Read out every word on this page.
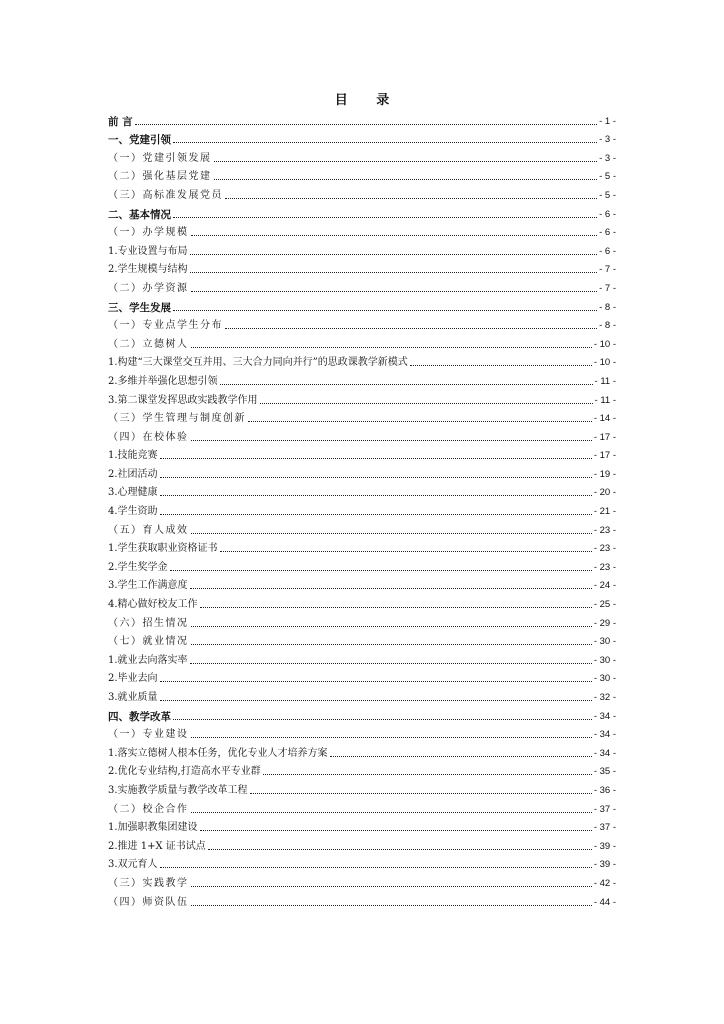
目 录
前 言	- 1 -
一、党建引领	- 3 -
（一）党建引领发展	- 3 -
（二）强化基层党建	- 5 -
（三）高标准发展党员	- 5 -
二、基本情况	- 6 -
（一）办学规模	- 6 -
1.专业设置与布局	- 6 -
2.学生规模与结构	- 7 -
（二）办学资源	- 7 -
三、学生发展	- 8 -
（一）专业点学生分布	- 8 -
（二）立德树人	- 10 -
1.构建“三大课堂交互并用、三大合力同向并行”的思政课教学新模式	- 10 -
2.多维并举强化思想引领	- 11 -
3.第二课堂发挥思政实践教学作用	- 11 -
（三）学生管理与制度创新	- 14 -
（四）在校体验	- 17 -
1.技能竞赛	- 17 -
2.社团活动	- 19 -
3.心理健康	- 20 -
4.学生资助	- 21 -
（五）育人成效	- 23 -
1.学生获取职业资格证书	- 23 -
2.学生奖学金	- 23 -
3.学生工作满意度	- 24 -
4.精心做好校友工作	- 25 -
（六）招生情况	- 29 -
（七）就业情况	- 30 -
1.就业去向落实率	- 30 -
2.毕业去向	- 30 -
3.就业质量	- 32 -
四、教学改革	- 34 -
（一）专业建设	- 34 -
1.落实立德树人根本任务，优化专业人才培养方案	- 34 -
2.优化专业结构,打造高水平专业群	- 35 -
3.实施教学质量与教学改革工程	- 36 -
（二）校企合作	- 37 -
1.加强职教集团建设	- 37 -
2.推进 1+X 证书试点	- 39 -
3.双元育人	- 39 -
（三）实践教学	- 42 -
（四）师资队伍	- 44 -
